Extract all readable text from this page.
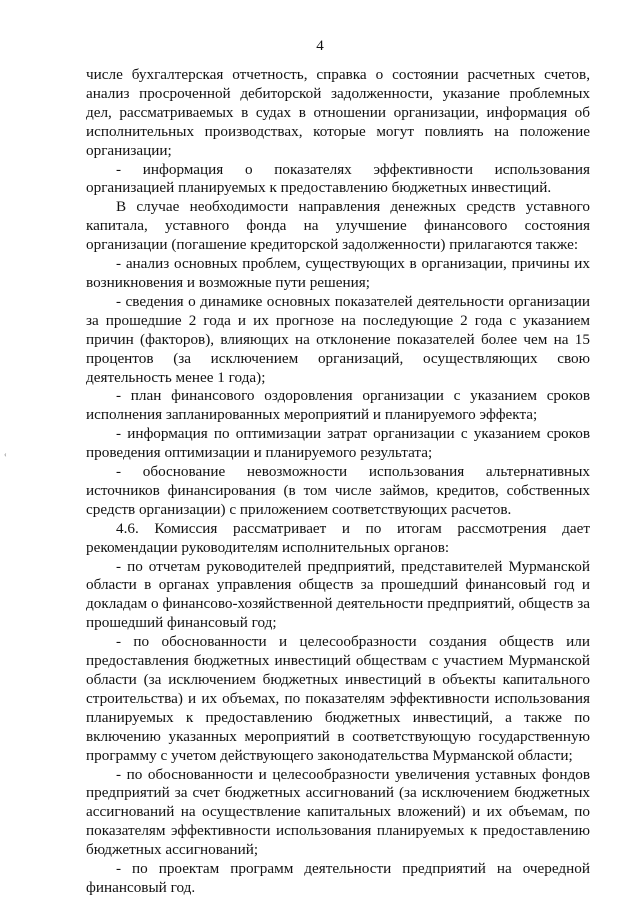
4
‹

числе бухгалтерская отчетность, справка о состоянии расчетных счетов, анализ просроченной дебиторской задолженности, указание проблемных дел, рассматриваемых в судах в отношении организации, информация об исполнительных производствах, которые могут повлиять на положение организации;

- информация о показателях эффективности использования организацией планируемых к предоставлению бюджетных инвестиций.

В случае необходимости направления денежных средств уставного капитала, уставного фонда на улучшение финансового состояния организации (погашение кредиторской задолженности) прилагаются также:

- анализ основных проблем, существующих в организации, причины их возникновения и возможные пути решения;

- сведения о динамике основных показателей деятельности организации за прошедшие 2 года и их прогнозе на последующие 2 года с указанием причин (факторов), влияющих на отклонение показателей более чем на 15 процентов (за исключением организаций, осуществляющих свою деятельность менее 1 года);

- план финансового оздоровления организации с указанием сроков исполнения запланированных мероприятий и планируемого эффекта;

- информация по оптимизации затрат организации с указанием сроков проведения оптимизации и планируемого результата;

- обоснование невозможности использования альтернативных источников финансирования (в том числе займов, кредитов, собственных средств организации) с приложением соответствующих расчетов.

4.6. Комиссия рассматривает и по итогам рассмотрения дает рекомендации руководителям исполнительных органов:

- по отчетам руководителей предприятий, представителей Мурманской области в органах управления обществ за прошедший финансовый год и докладам о финансово-хозяйственной деятельности предприятий, обществ за прошедший финансовый год;

- по обоснованности и целесообразности создания обществ или предоставления бюджетных инвестиций обществам с участием Мурманской области (за исключением бюджетных инвестиций в объекты капитального строительства) и их объемах, по показателям эффективности использования планируемых к предоставлению бюджетных инвестиций, а также по включению указанных мероприятий в соответствующую государственную программу с учетом действующего законодательства Мурманской области;

- по обоснованности и целесообразности увеличения уставных фондов предприятий за счет бюджетных ассигнований (за исключением бюджетных ассигнований на осуществление капитальных вложений) и их объемам, по показателям эффективности использования планируемых к предоставлению бюджетных ассигнований;

- по проектам программ деятельности предприятий на очередной финансовый год.
